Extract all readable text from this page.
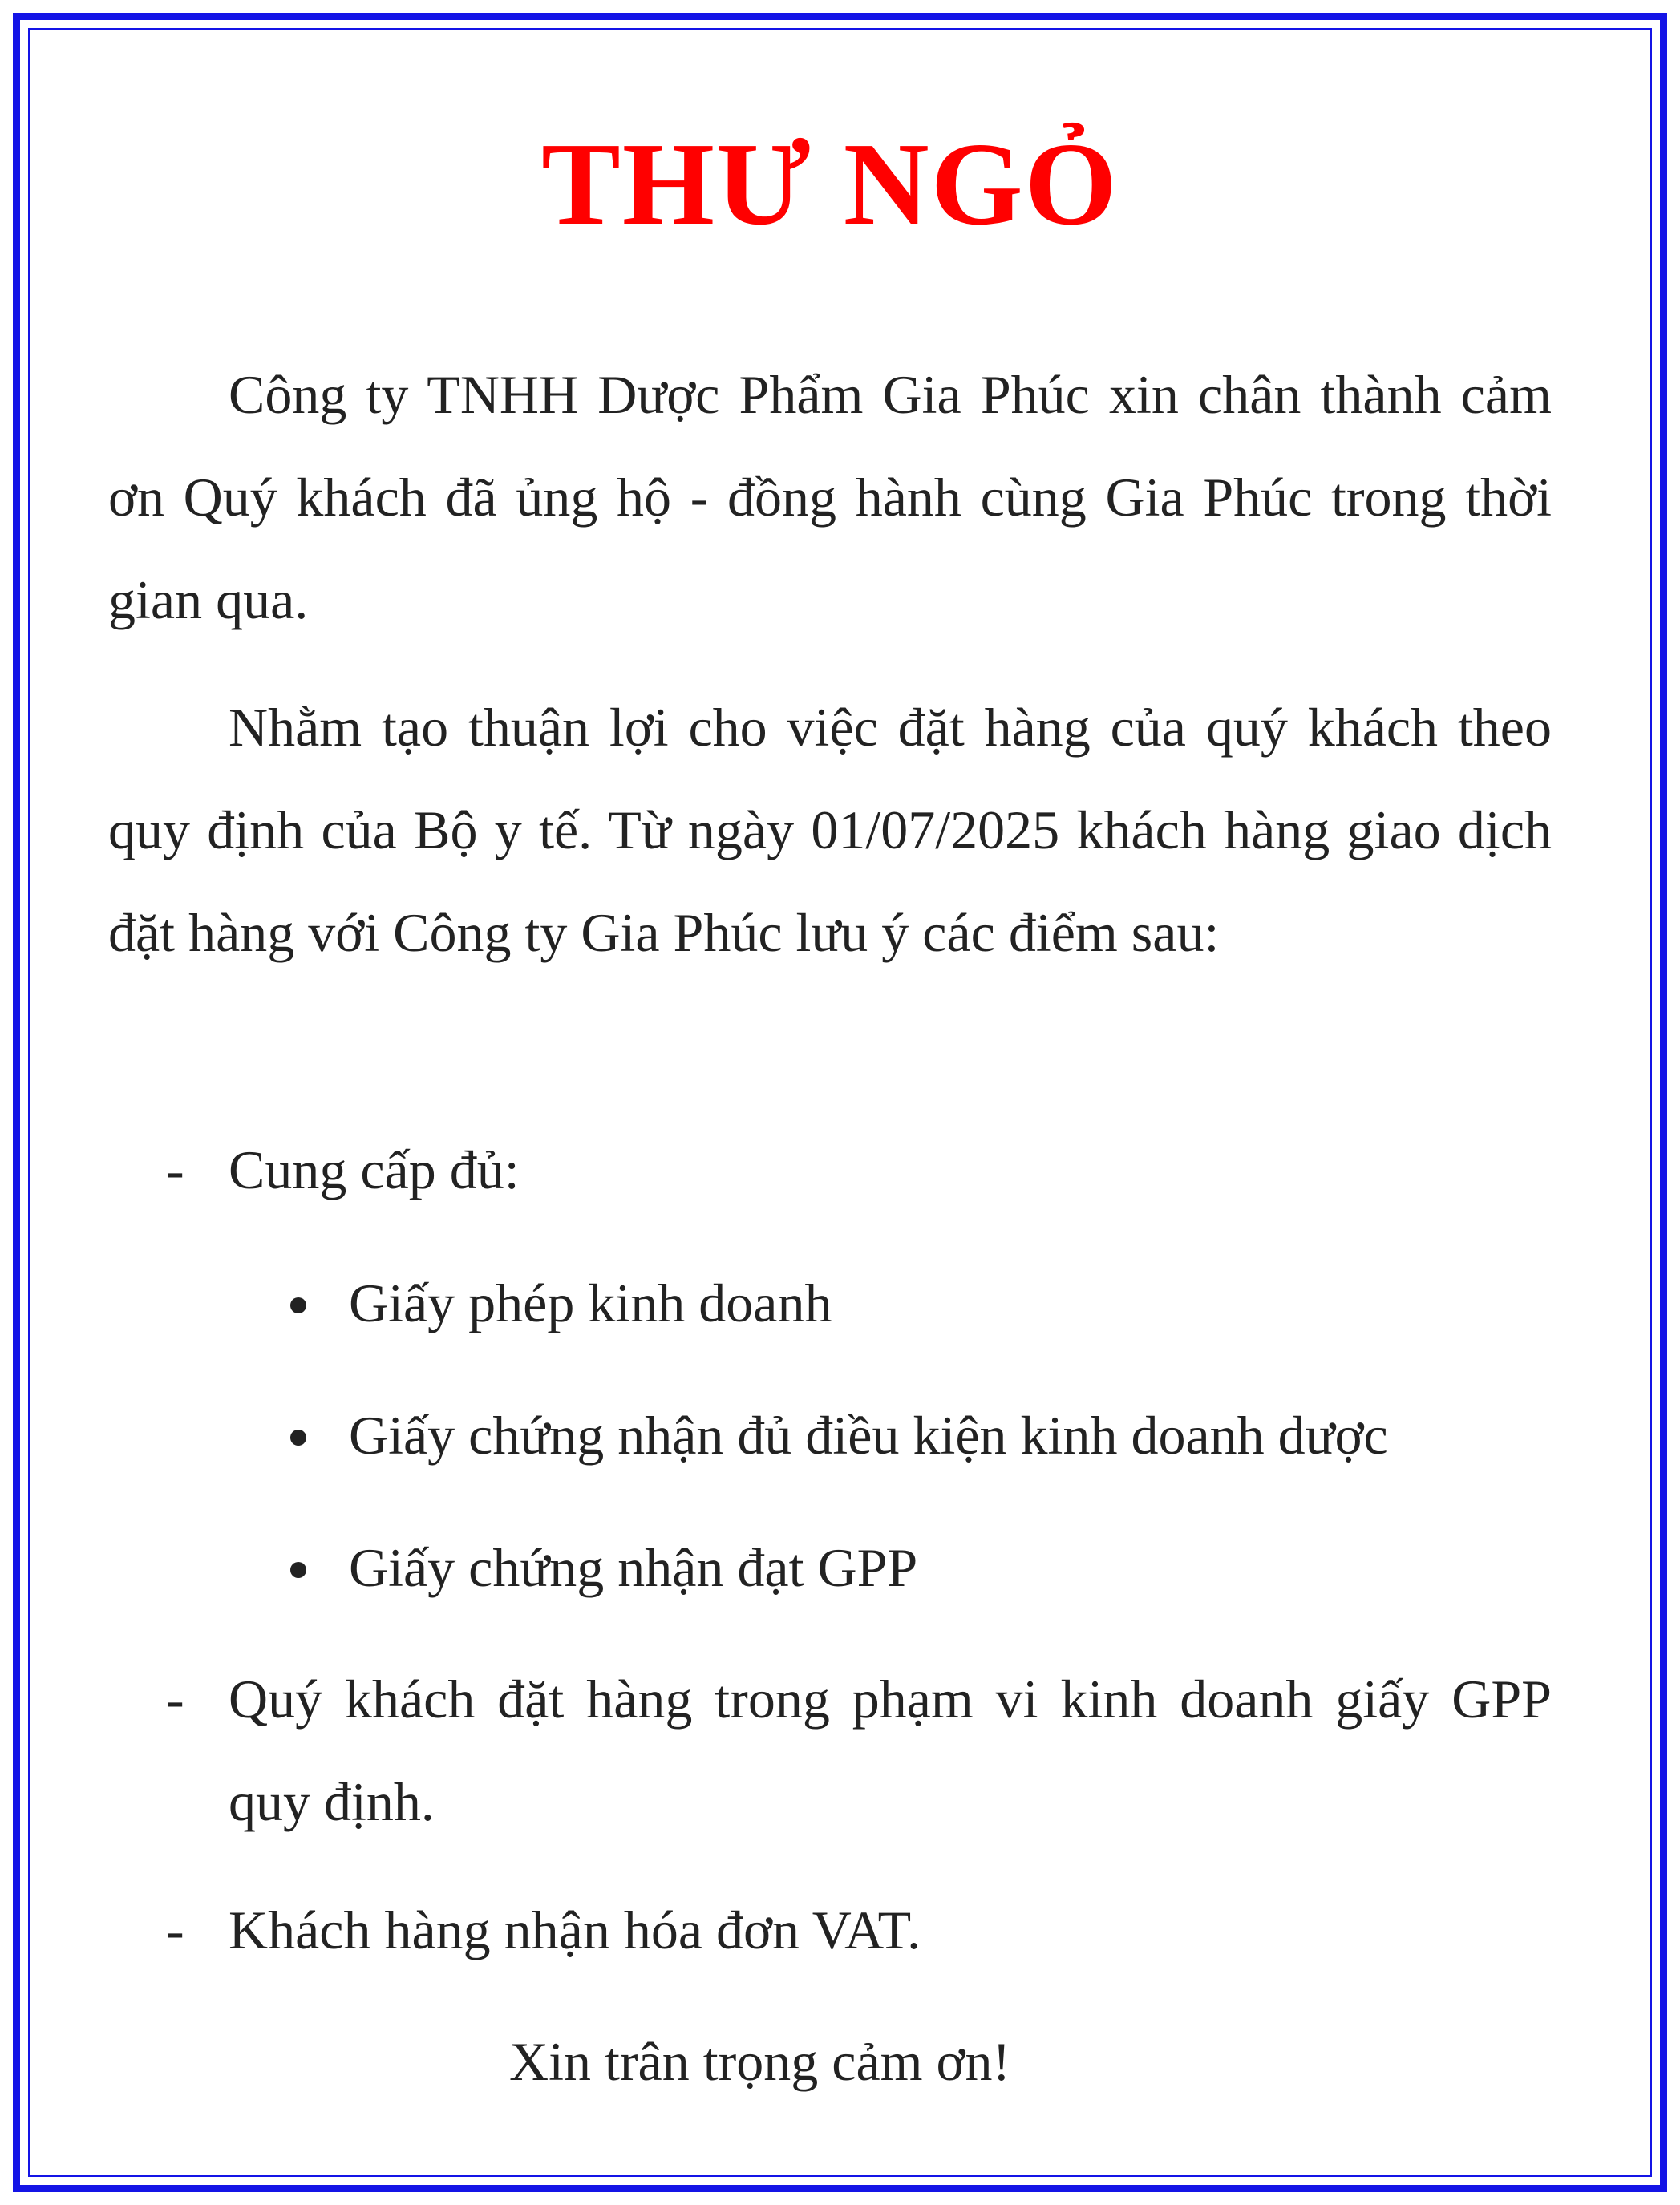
THƯ NGỎ

Công ty TNHH Dược Phẩm Gia Phúc xin chân thành cảm ơn Quý khách đã ủng hộ - đồng hành cùng Gia Phúc trong thời gian qua.

Nhằm tạo thuận lợi cho việc đặt hàng của quý khách theo quy định của Bộ y tế. Từ ngày 01/07/2025 khách hàng giao dịch đặt hàng với Công ty Gia Phúc lưu ý các điểm sau:

- Cung cấp đủ:
Giấy phép kinh doanh
Giấy chứng nhận đủ điều kiện kinh doanh dược
Giấy chứng nhận đạt GPP
- Quý khách đặt hàng trong phạm vi kinh doanh giấy GPP quy định.
- Khách hàng nhận hóa đơn VAT.
Xin trân trọng cảm ơn!
